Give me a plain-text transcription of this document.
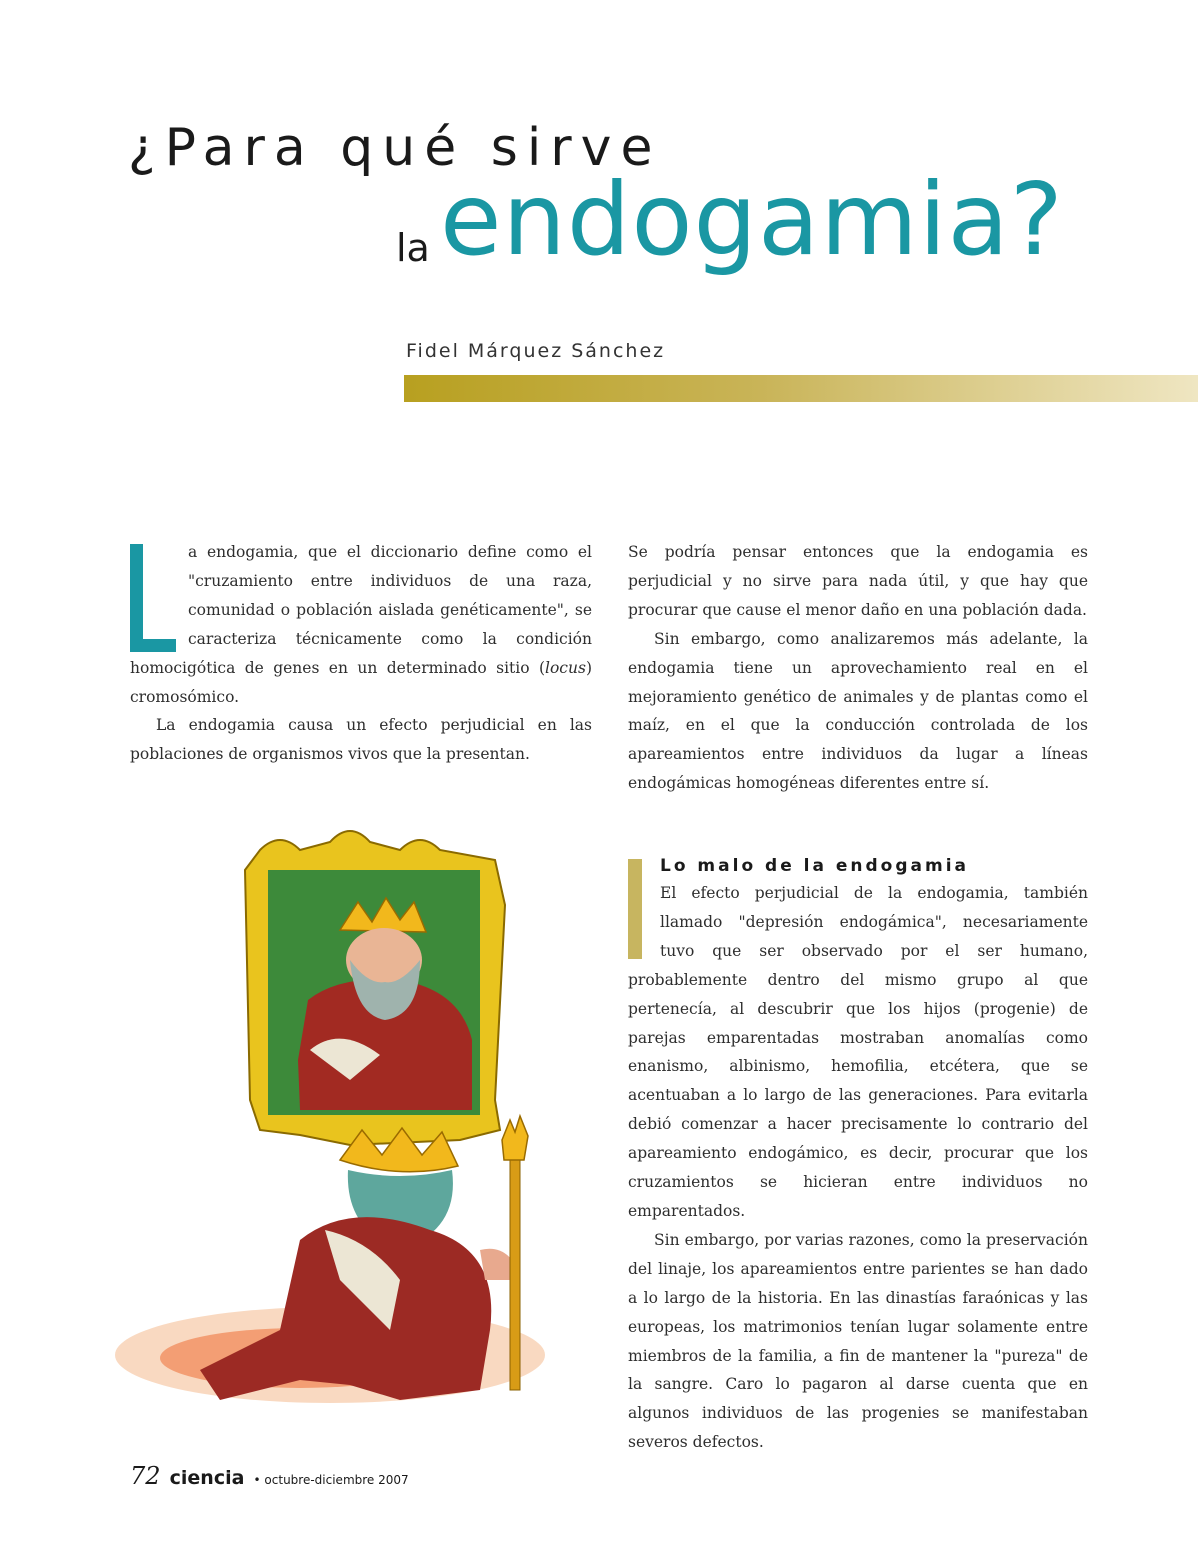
¿Para qué sirve
la endogamia?
Fidel Márquez Sánchez

a endogamia, que el diccionario define como el "cruzamiento entre individuos de una raza, comunidad o población aislada genéticamente", se caracteriza técnicamente como la condición homocigótica de genes en un determinado sitio (locus) cromosómico.

La endogamia causa un efecto perjudicial en las poblaciones de organismos vivos que la presentan.

Se podría pensar entonces que la endogamia es perjudicial y no sirve para nada útil, y que hay que procurar que cause el menor daño en una población dada.

Sin embargo, como analizaremos más adelante, la endogamia tiene un aprovechamiento real en el mejoramiento genético de animales y de plantas como el maíz, en el que la conducción controlada de los apareamientos entre individuos da lugar a líneas endogámicas homogéneas diferentes entre sí.

Lo malo de la endogamia

El efecto perjudicial de la endogamia, también llamado "depresión endogámica", necesariamente tuvo que ser observado por el ser humano, probablemente dentro del mismo grupo al que pertenecía, al descubrir que los hijos (progenie) de parejas emparentadas mostraban anomalías como enanismo, albinismo, hemofilia, etcétera, que se acentuaban a lo largo de las generaciones. Para evitarla debió comenzar a hacer precisamente lo contrario del apareamiento endogámico, es decir, procurar que los cruzamientos se hicieran entre individuos no emparentados.

Sin embargo, por varias razones, como la preservación del linaje, los apareamientos entre parientes se han dado a lo largo de la historia. En las dinastías faraónicas y las europeas, los matrimonios tenían lugar solamente entre miembros de la familia, a fin de mantener la "pureza" de la sangre. Caro lo pagaron al darse cuenta que en algunos individuos de las progenies se manifestaban severos defectos.

72 ciencia • octubre-diciembre 2007
